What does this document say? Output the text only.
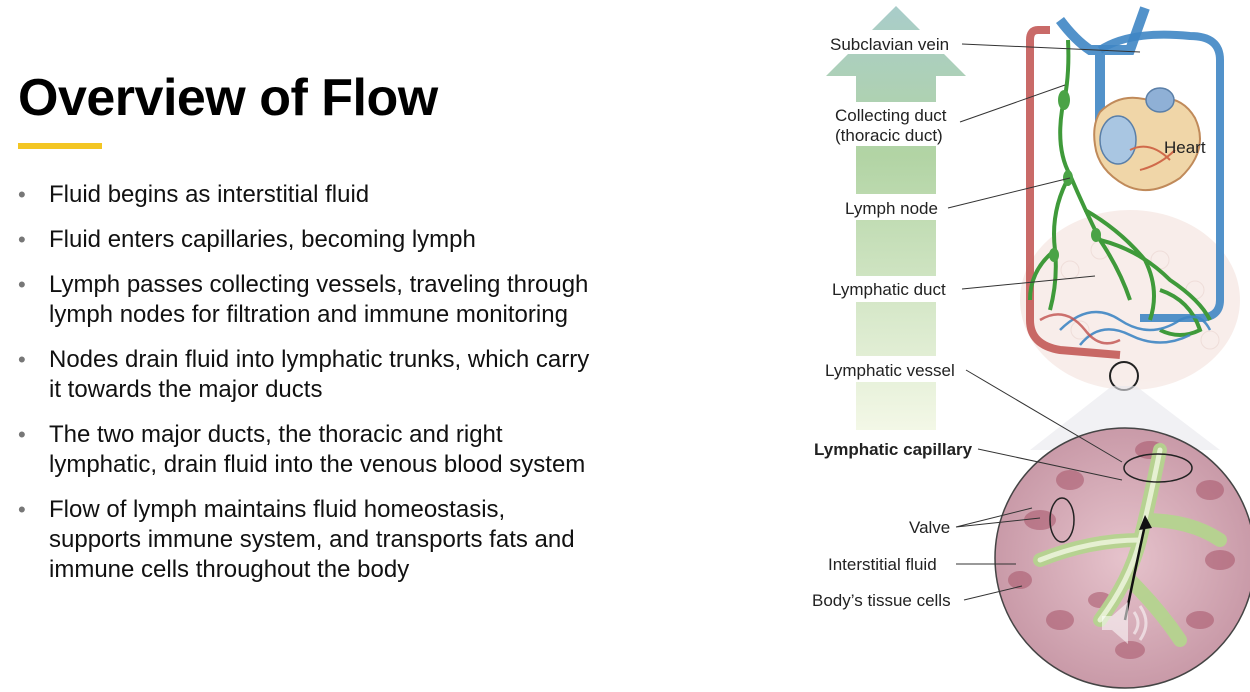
Overview of Flow
• Fluid begins as interstitial fluid
• Fluid enters capillaries, becoming lymph
• Lymph passes collecting vessels, traveling through lymph nodes for filtration and immune monitoring
• Nodes drain fluid into lymphatic trunks, which carry it towards the major ducts
• The two major ducts, the thoracic and right lymphatic, drain fluid into the venous blood system
• Flow of lymph maintains fluid homeostasis, supports immune system, and transports fats and immune cells throughout the body
Subclavian vein
Collecting duct
(thoracic duct)
Heart
Lymph node
Lymphatic duct
Lymphatic vessel
Lymphatic capillary
Valve
Interstitial fluid
Body’s tissue cells
